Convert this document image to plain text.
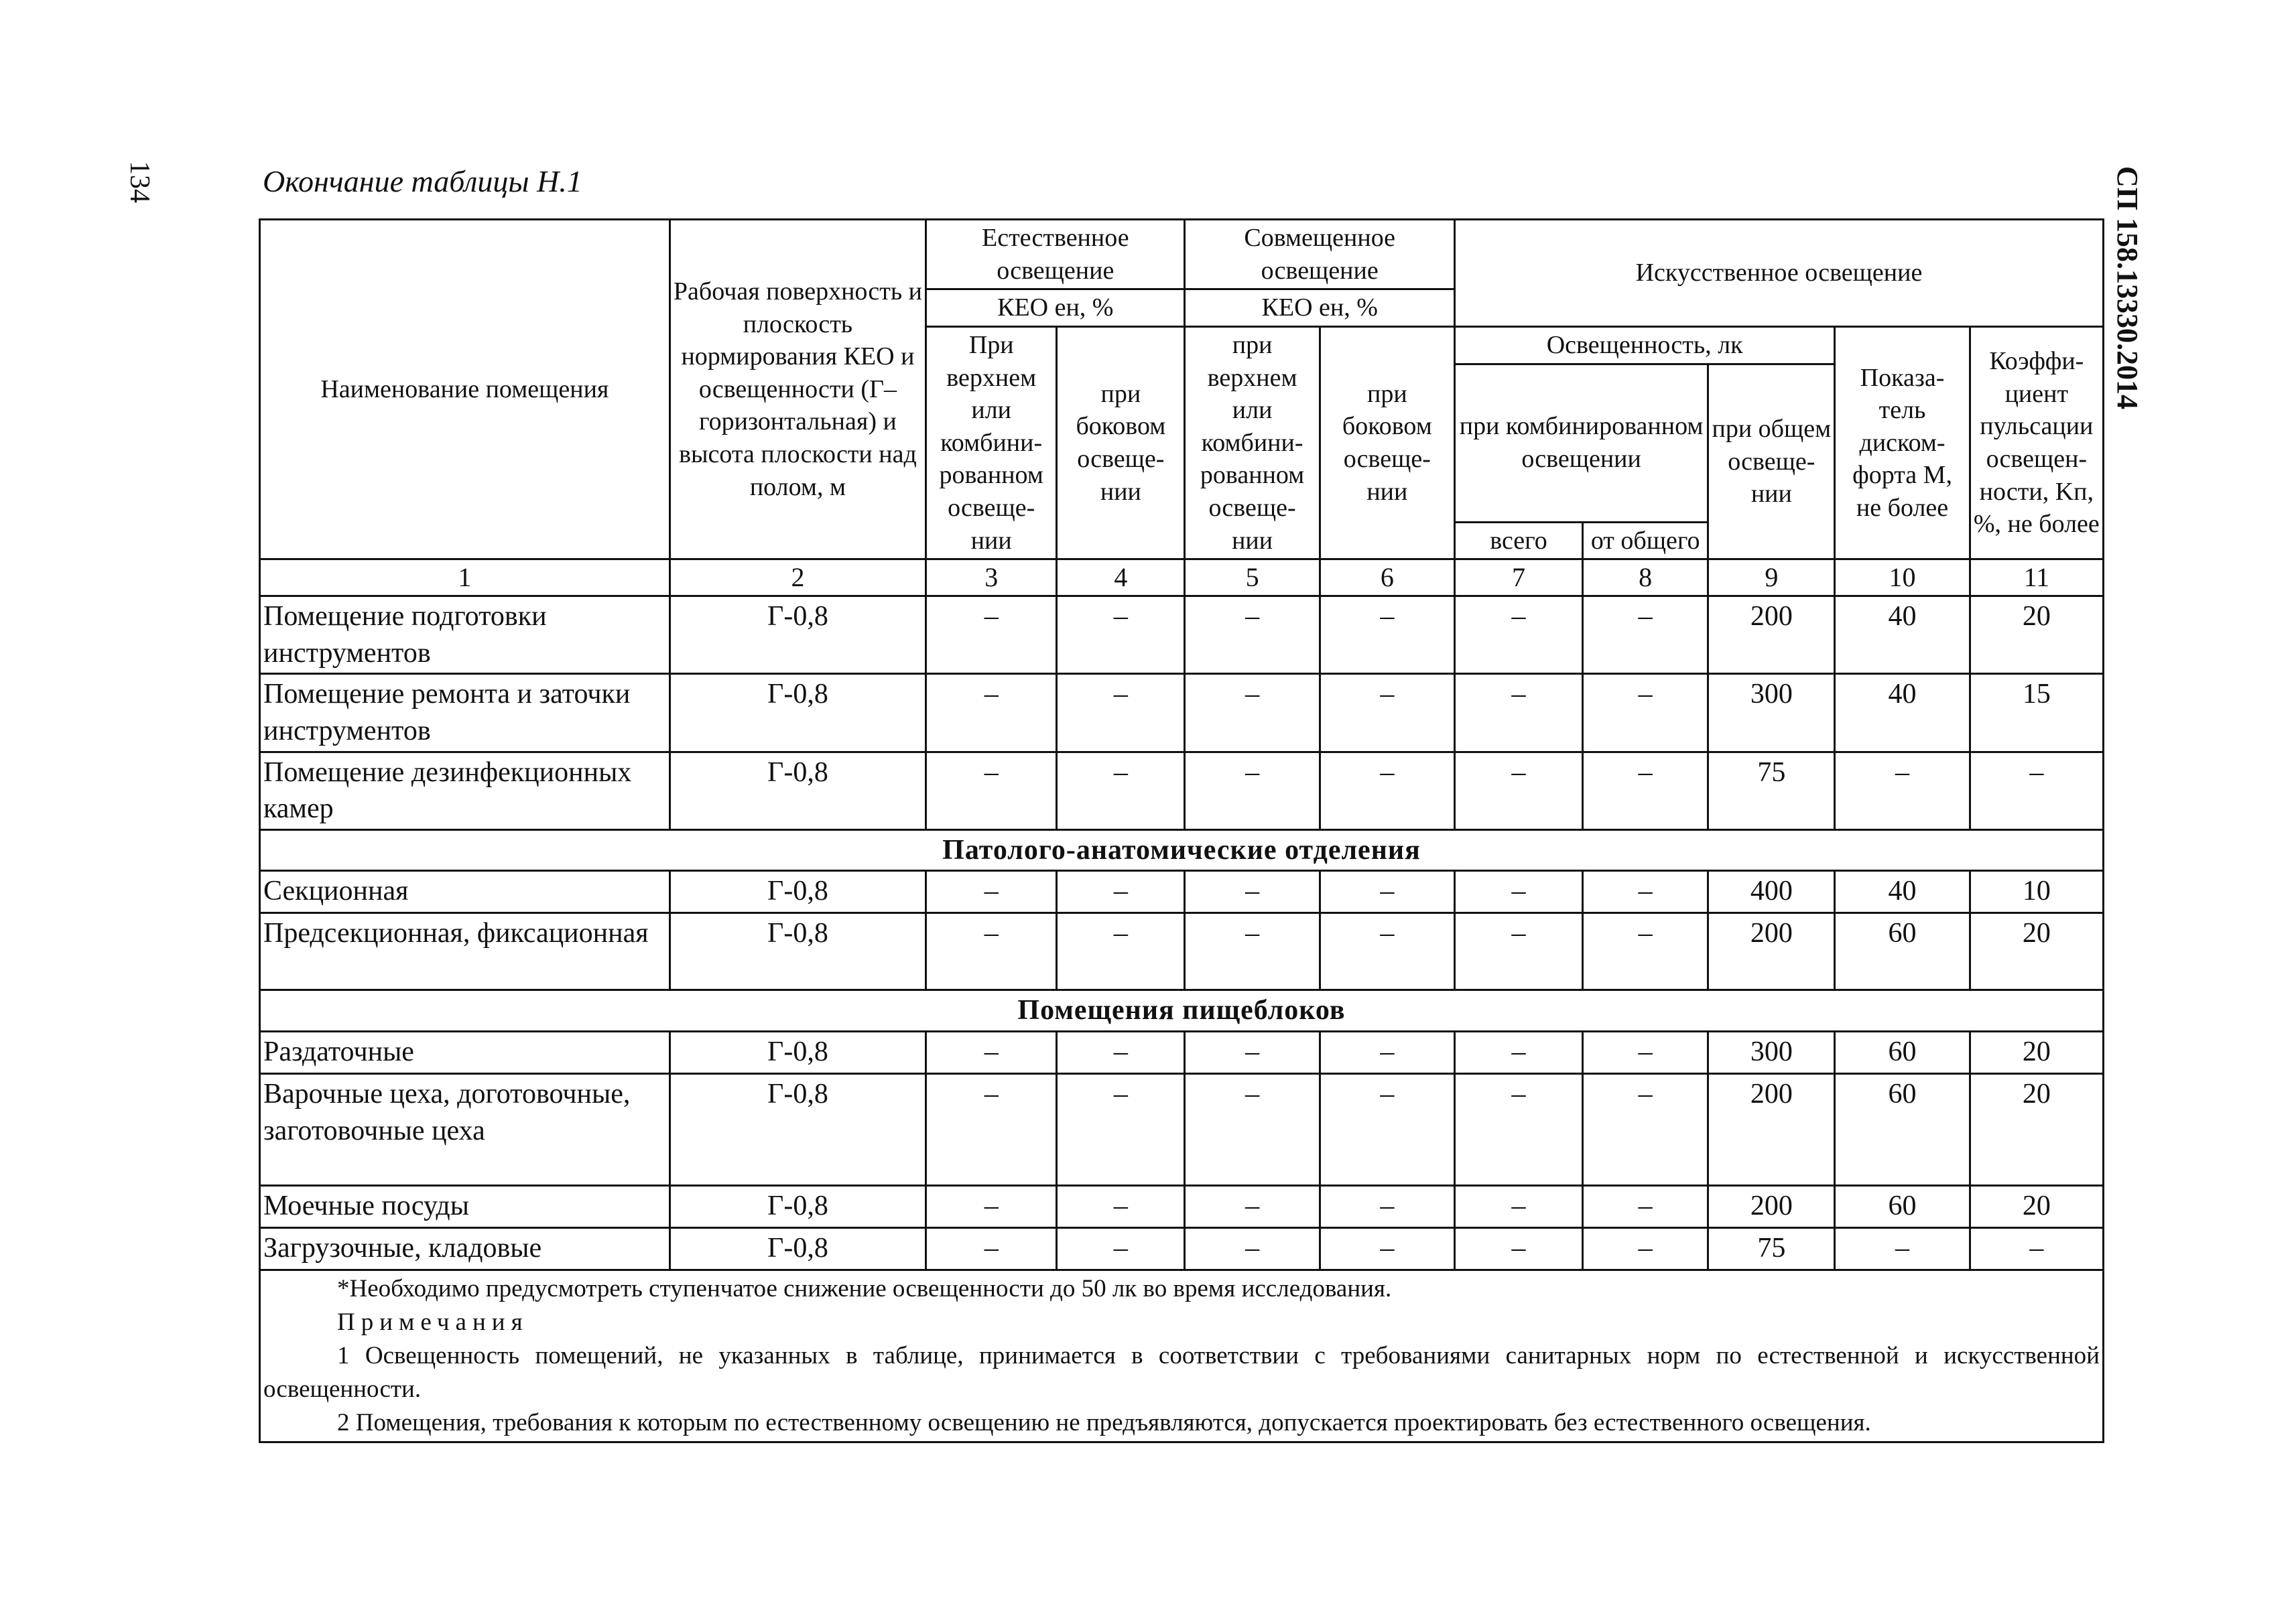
134	СП 158.13330.2014
Окончание таблицы Н.1
Наименование помещения	Рабочая поверхность и плоскость нормирования КЕО и освещенности (Г–горизонтальная) и высота плоскости над полом, м	Естественное освещение		Совмещенное освещение		Искусственное освещение				
		КЕО eн, %		КЕО eн, %						
		При верхнем или комбини-рованном освеще-нии	при боковом освеще-нии	при верхнем или комбини-рованном освеще-нии	при боковом освеще-нии	Освещенность, лк			Показа-тель диском-форта М, не более	Коэффи-циент пульсации освещен-ности, Kп, %, не более
						при комбинированном освещении		при общем освеще-нии		
						всего	от общего			
1	2	3	4	5	6	7	8	9	10	11
Помещение подготовки инструментов	Г-0,8	–	–	–	–	–	–	200	40	20
Помещение ремонта и заточки инструментов	Г-0,8	–	–	–	–	–	–	300	40	15
Помещение дезинфекционных камер	Г-0,8	–	–	–	–	–	–	75	–	–
Патолого-анатомические отделения										
Секционная	Г-0,8	–	–	–	–	–	–	400	40	10
Предсекционная, фиксационная	Г-0,8	–	–	–	–	–	–	200	60	20
Помещения пищеблоков										
Раздаточные	Г-0,8	–	–	–	–	–	–	300	60	20
Варочные цеха, доготовочные, заготовочные цеха	Г-0,8	–	–	–	–	–	–	200	60	20
Моечные посуды	Г-0,8	–	–	–	–	–	–	200	60	20
Загрузочные, кладовые	Г-0,8	–	–	–	–	–	–	75	–	–

*Необходимо предусмотреть ступенчатое снижение освещенности до 50 лк во время исследования.
Примечания
1 Освещенность помещений, не указанных в таблице, принимается в соответствии с требованиями санитарных норм по естественной и искусственной освещенности.
2 Помещения, требования к которым по естественному освещению не предъявляются, допускается проектировать без естественного освещения.										
